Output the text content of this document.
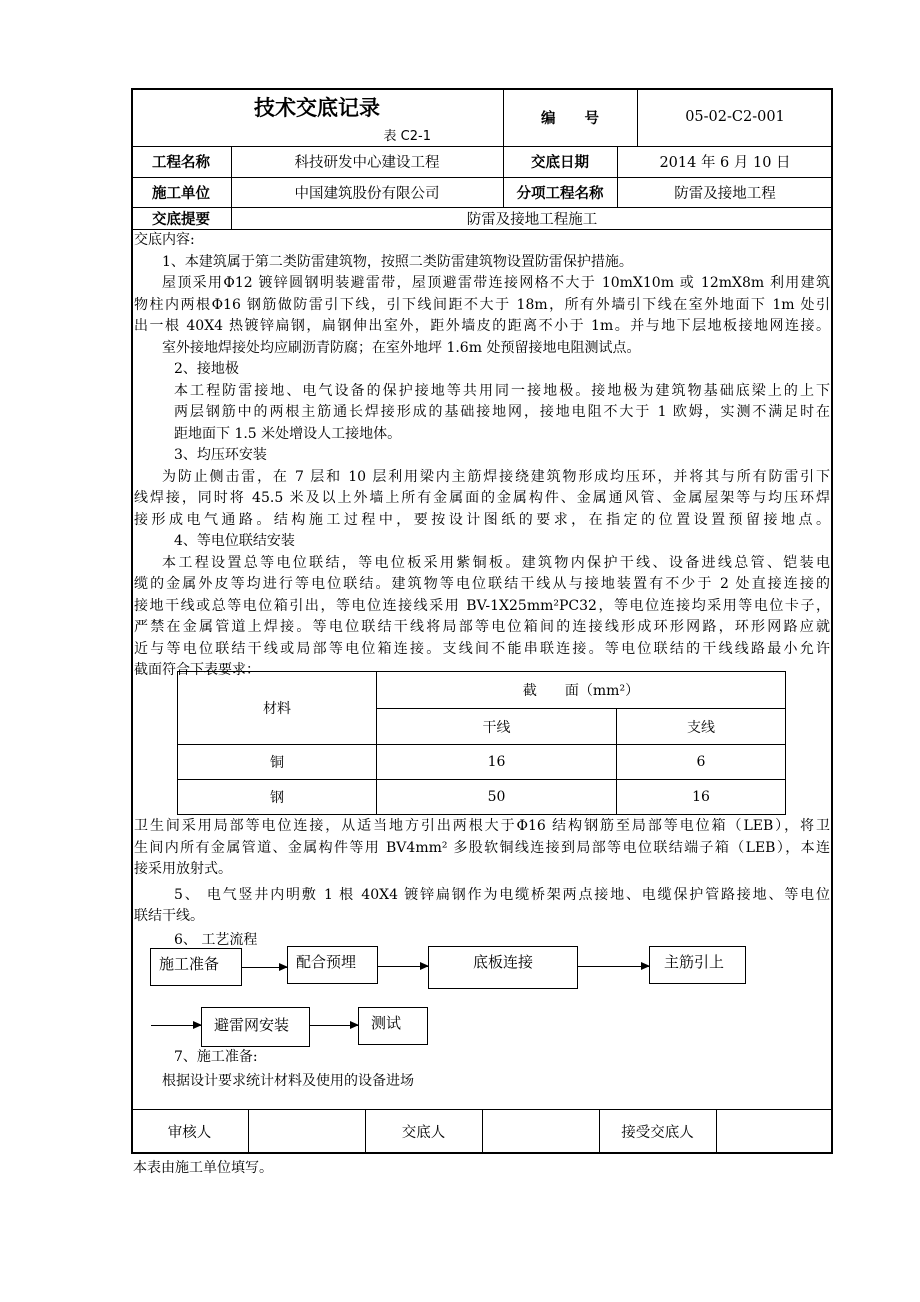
技术交底记录
表 C2-1
编　　号	05-02-C2-001
工程名称	科技研发中心建设工程	交底日期	2014 年 6 月 10 日
施工单位	中国建筑股份有限公司	分项工程名称	防雷及接地工程
交底提要	防雷及接地工程施工

交底内容:

1、本建筑属于第二类防雷建筑物，按照二类防雷建筑物设置防雷保护措施。

屋顶采用Φ12 镀锌圆钢明装避雷带，屋顶避雷带连接网格不大于 10mX10m 或 12mX8m 利用建筑

物柱内两根Φ16 钢筋做防雷引下线，引下线间距不大于 18m，所有外墙引下线在室外地面下 1m 处引

出一根 40X4 热镀锌扁钢，扁钢伸出室外，距外墙皮的距离不小于 1m。并与地下层地板接地网连接。

室外接地焊接处均应刷沥青防腐；在室外地坪 1.6m 处预留接地电阻测试点。

2、接地极

本工程防雷接地、电气设备的保护接地等共用同一接地极。接地极为建筑物基础底梁上的上下

两层钢筋中的两根主筋通长焊接形成的基础接地网，接地电阻不大于 1 欧姆，实测不满足时在

距地面下 1.5 米处增设人工接地体。

3、均压环安装

为防止侧击雷，在 7 层和 10 层利用梁内主筋焊接绕建筑物形成均压环，并将其与所有防雷引下

线焊接，同时将 45.5 米及以上外墙上所有金属面的金属构件、金属通风管、金属屋架等与均压环焊

接形成电气通路。结构施工过程中，要按设计图纸的要求，在指定的位置设置预留接地点。

4、等电位联结安装

本工程设置总等电位联结，等电位板采用紫铜板。建筑物内保护干线、设备进线总管、铠装电

缆的金属外皮等均进行等电位联结。建筑物等电位联结干线从与接地装置有不少于 2 处直接连接的

接地干线或总等电位箱引出，等电位连接线采用 BV-1X25mm²PC32，等电位连接均采用等电位卡子，

严禁在金属管道上焊接。等电位联结干线将局部等电位箱间的连接线形成环形网路，环形网路应就

近与等电位联结干线或局部等电位箱连接。支线间不能串联连接。等电位联结的干线线路最小允许

截面符合下表要求：

材料	截　　面（mm²）	
	干线	支线
铜	16	6
钢	50	16

卫生间采用局部等电位连接，从适当地方引出两根大于Φ16 结构钢筋至局部等电位箱（LEB），将卫

生间内所有金属管道、金属构件等用 BV4mm² 多股软铜线连接到局部等电位联结端子箱（LEB），本连

接采用放射式。

5、 电气竖井内明敷 1 根 40X4 镀锌扁钢作为电缆桥架两点接地、电缆保护管路接地、等电位

联结干线。

6、 工艺流程

施工准备	配合预埋	底板连接	主筋引上
避雷网安装	测试

7、施工准备:

根据设计要求统计材料及使用的设备进场

审核人	交底人	接受交底人
本表由施工单位填写。
